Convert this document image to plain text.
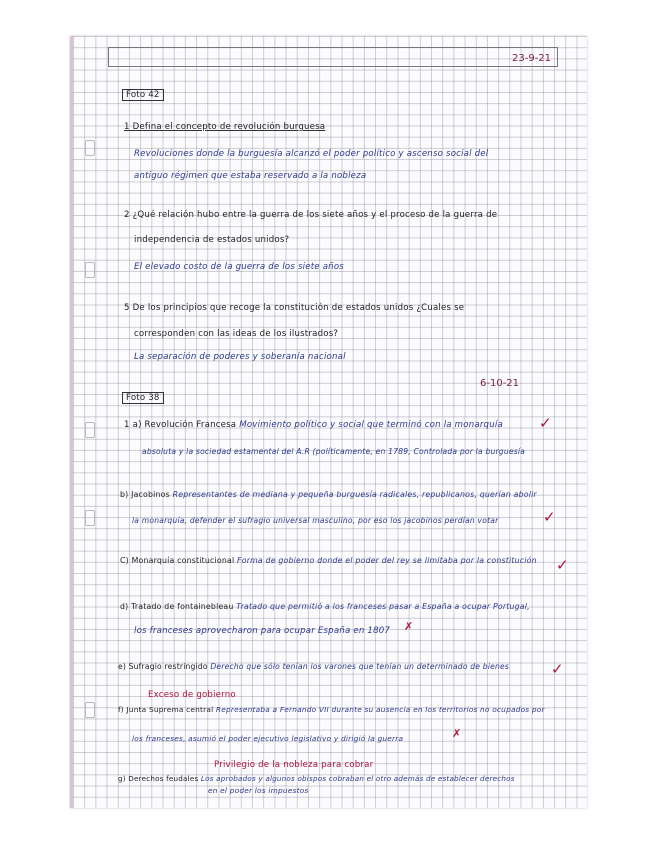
23-9-21
Foto 42
1 Defina el concepto de revolución burguesa
Revoluciones donde la burguesía alcanzó el poder político y ascenso social del
antiguo régimen que estaba reservado a la nobleza
2 ¿Qué relación hubo entre la guerra de los siete años y el proceso de la guerra de
independencia de estados unidos?
El elevado costo de la guerra de los siete años
5 De los principios que recoge la constitución de estados unidos ¿Cuales se
corresponden con las ideas de los ilustrados?
La separación de poderes y soberanía nacional
6-10-21
Foto 38
1 a) Revolución Francesa Movimiento político y social que terminó con la monarquía
absoluta y la sociedad estamental del A.R (políticamente, en 1789, Controlada por la burguesía
✓
b) Jacobinos Representantes de mediana y pequeña burguesía radicales, republicanos, querían abolir
la monarquía, defender el sufragio universal masculino, por eso los jacobinos perdían votar	✓
C) Monarquía constitucional Forma de gobierno donde el poder del rey se limitaba por la constitución ✓
d) Tratado de fontainebleau Tratado que permitió a los franceses pasar a España a ocupar Portugal,
los franceses aprovecharon para ocupar España en 1807 ✗
e) Sufragio restringido Derecho que sólo tenían los varones que tenían un determinado de bienes	✓
Exceso de gobierno
f) Junta Suprema central Representaba a Fernando VII durante su ausencia en los territorios no ocupados por
los franceses, asumió el poder ejecutivo legislativo y dirigió la guerra	✗
Privilegio de la nobleza para cobrar
g) Derechos feudales Los aprobados y algunos obispos cobraban el otro además de establecer derechos
en el poder los impuestos
